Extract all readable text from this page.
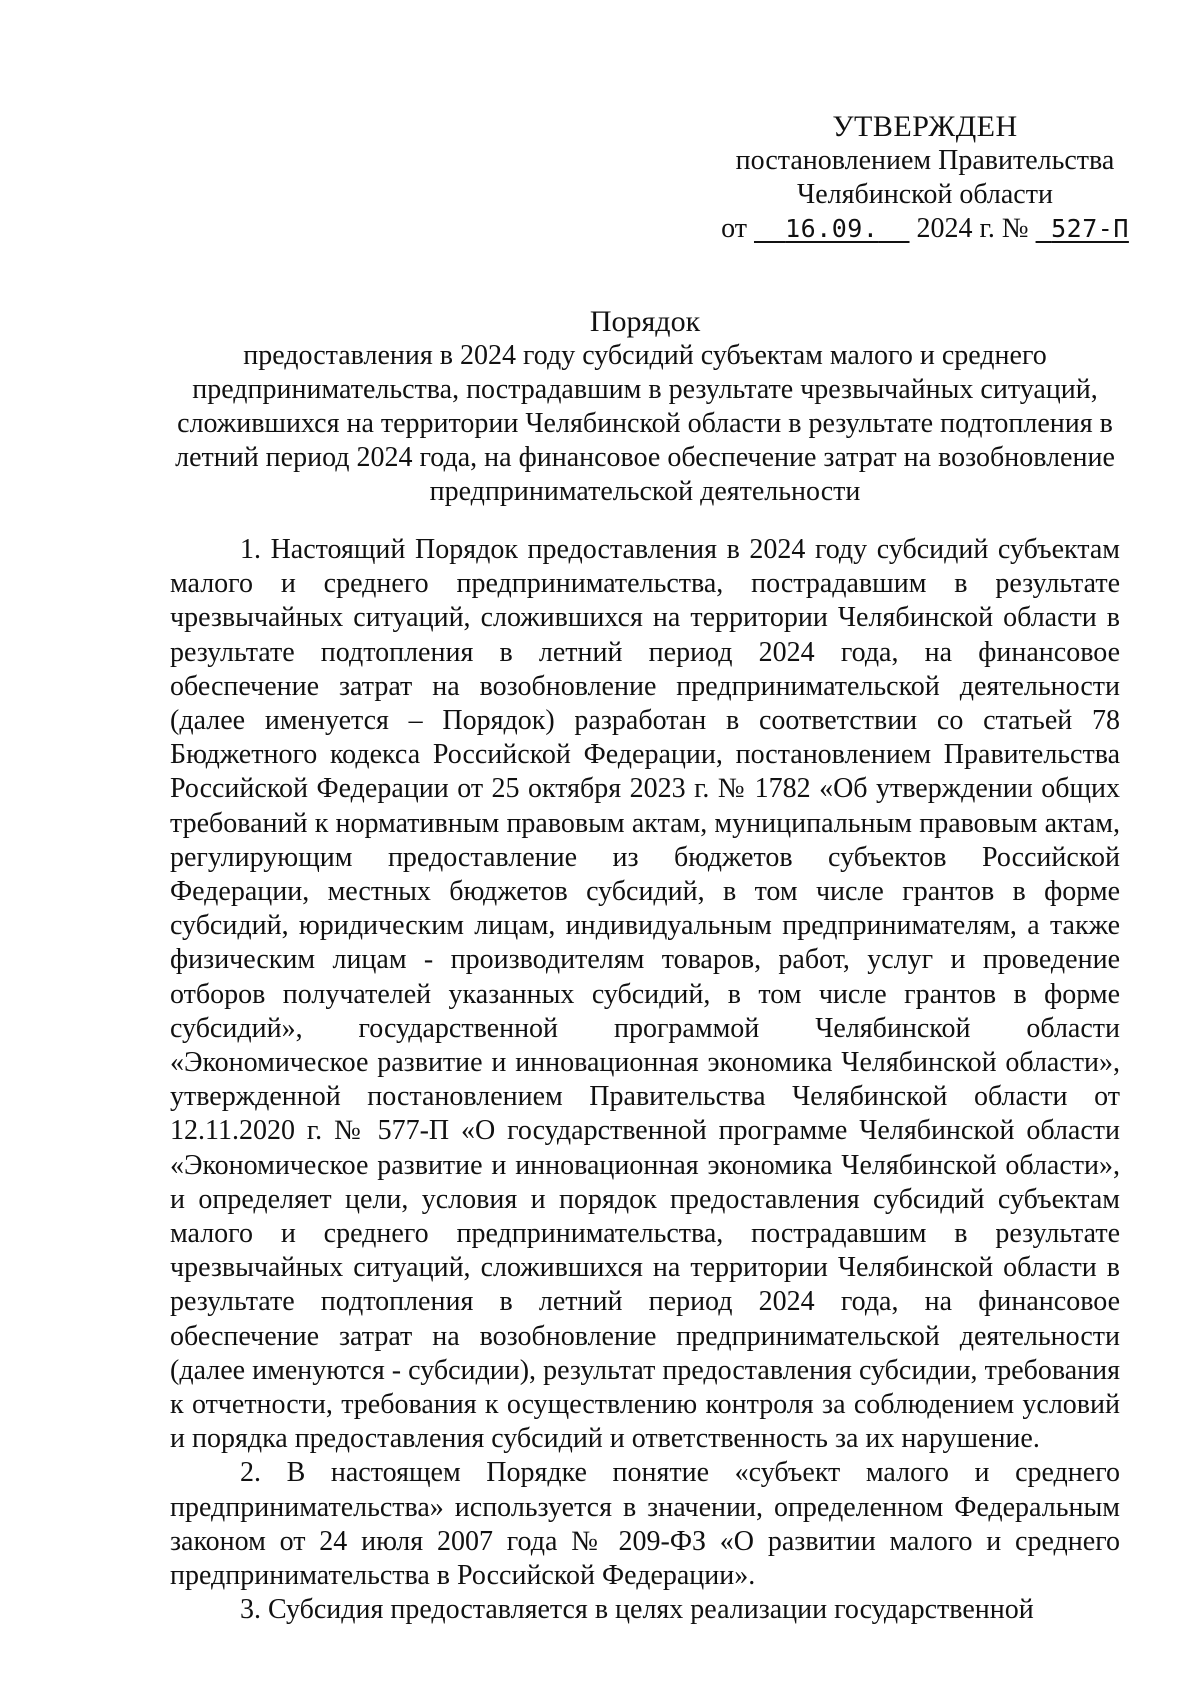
УТВЕРЖДЕН
постановлением Правительства
Челябинской области
от 16.09. 2024 г. № 527-П
Порядок
предоставления в 2024 году субсидий субъектам малого и среднего предпринимательства, пострадавшим в результате чрезвычайных ситуаций, сложившихся на территории Челябинской области в результате подтопления в летний период 2024 года, на финансовое обеспечение затрат на возобновление предпринимательской деятельности

1. Настоящий Порядок предоставления в 2024 году субсидий субъектам малого и среднего предпринимательства, пострадавшим в результате чрезвычайных ситуаций, сложившихся на территории Челябинской области в результате подтопления в летний период 2024 года, на финансовое обеспечение затрат на возобновление предпринимательской деятельности (далее именуется – Порядок) разработан в соответствии со статьей 78 Бюджетного кодекса Российской Федерации, постановлением Правительства Российской Федерации от 25 октября 2023 г. № 1782 «Об утверждении общих требований к нормативным правовым актам, муниципальным правовым актам, регулирующим предоставление из бюджетов субъектов Российской Федерации, местных бюджетов субсидий, в том числе грантов в форме субсидий, юридическим лицам, индивидуальным предпринимателям, а также физическим лицам - производителям товаров, работ, услуг и проведение отборов получателей указанных субсидий, в том числе грантов в форме субсидий», государственной программой Челябинской области «Экономическое развитие и инновационная экономика Челябинской области», утвержденной постановлением Правительства Челябинской области от 12.11.2020 г. № 577-П «О государственной программе Челябинской области «Экономическое развитие и инновационная экономика Челябинской области», и определяет цели, условия и порядок предоставления субсидий субъектам малого и среднего предпринимательства, пострадавшим в результате чрезвычайных ситуаций, сложившихся на территории Челябинской области в результате подтопления в летний период 2024 года, на финансовое обеспечение затрат на возобновление предпринимательской деятельности (далее именуются - субсидии), результат предоставления субсидии, требования к отчетности, требования к осуществлению контроля за соблюдением условий и порядка предоставления субсидий и ответственность за их нарушение.

2. В настоящем Порядке понятие «субъект малого и среднего предпринимательства» используется в значении, определенном Федеральным законом от 24 июля 2007 года № 209-ФЗ «О развитии малого и среднего предпринимательства в Российской Федерации».

3. Субсидия предоставляется в целях реализации государственной
